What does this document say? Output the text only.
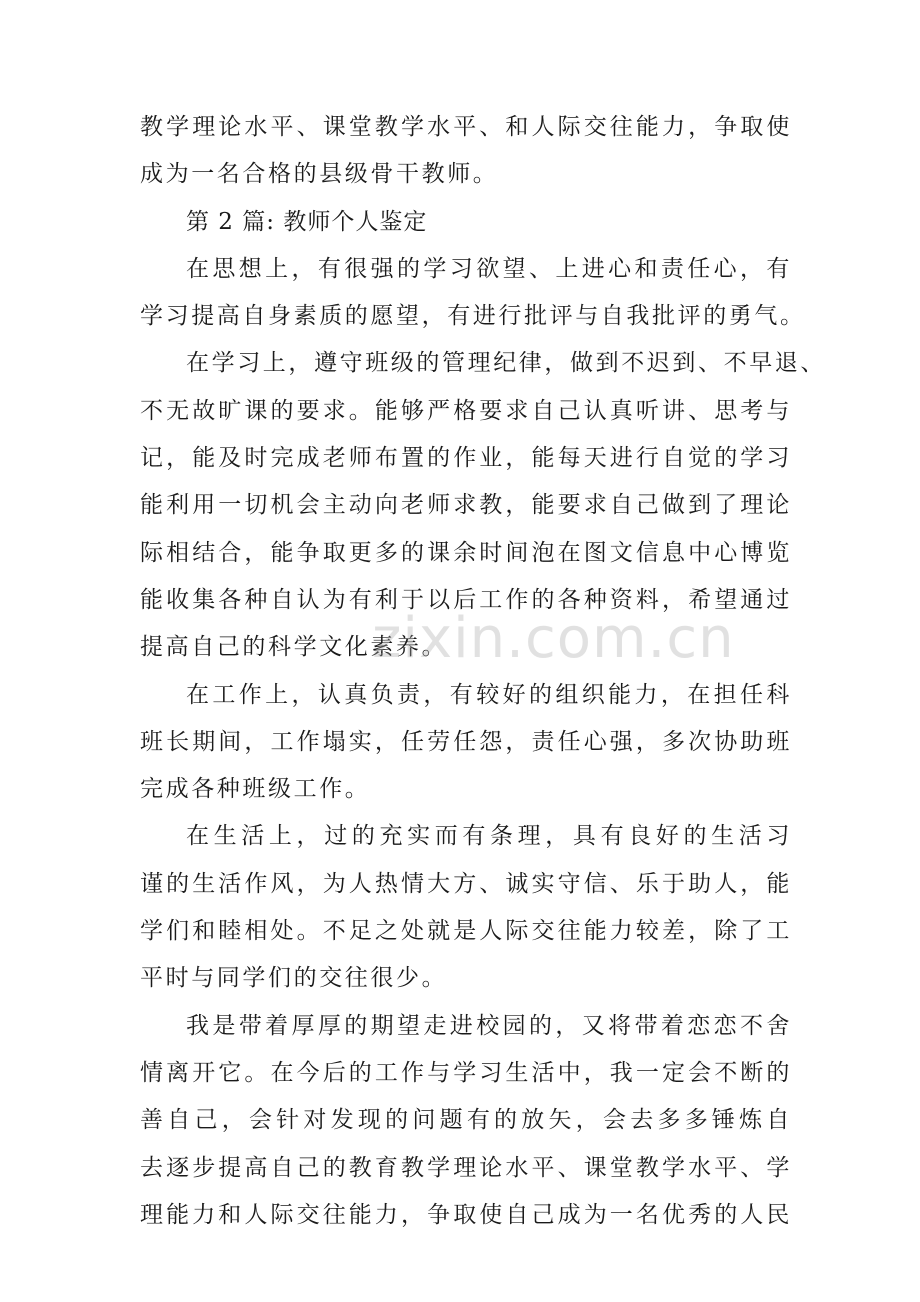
教学理论水平、课堂教学水平、和人际交往能力，争取使
成为一名合格的县级骨干教师。
第 2 篇: 教师个人鉴定
在思想上，有很强的学习欲望、上进心和责任心，有
学习提高自身素质的愿望，有进行批评与自我批评的勇气。
在学习上，遵守班级的管理纪律，做到不迟到、不早退、
不无故旷课的要求。能够严格要求自己认真听讲、思考与
记，能及时完成老师布置的作业，能每天进行自觉的学习
能利用一切机会主动向老师求教，能要求自己做到了理论
际相结合，能争取更多的课余时间泡在图文信息中心博览
能收集各种自认为有利于以后工作的各种资料，希望通过
提高自己的科学文化素养。
在工作上，认真负责，有较好的组织能力，在担任科
班长期间，工作塌实，任劳任怨，责任心强，多次协助班
完成各种班级工作。
在生活上，过的充实而有条理，具有良好的生活习
谨的生活作风，为人热情大方、诚实守信、乐于助人，能
学们和睦相处。不足之处就是人际交往能力较差，除了工
平时与同学们的交往很少。
我是带着厚厚的期望走进校园的，又将带着恋恋不舍
情离开它。在今后的工作与学习生活中，我一定会不断的
善自己，会针对发现的问题有的放矢，会去多多锤炼自
去逐步提高自己的教育教学理论水平、课堂教学水平、学
理能力和人际交往能力，争取使自己成为一名优秀的人民
zixin.com.cn
